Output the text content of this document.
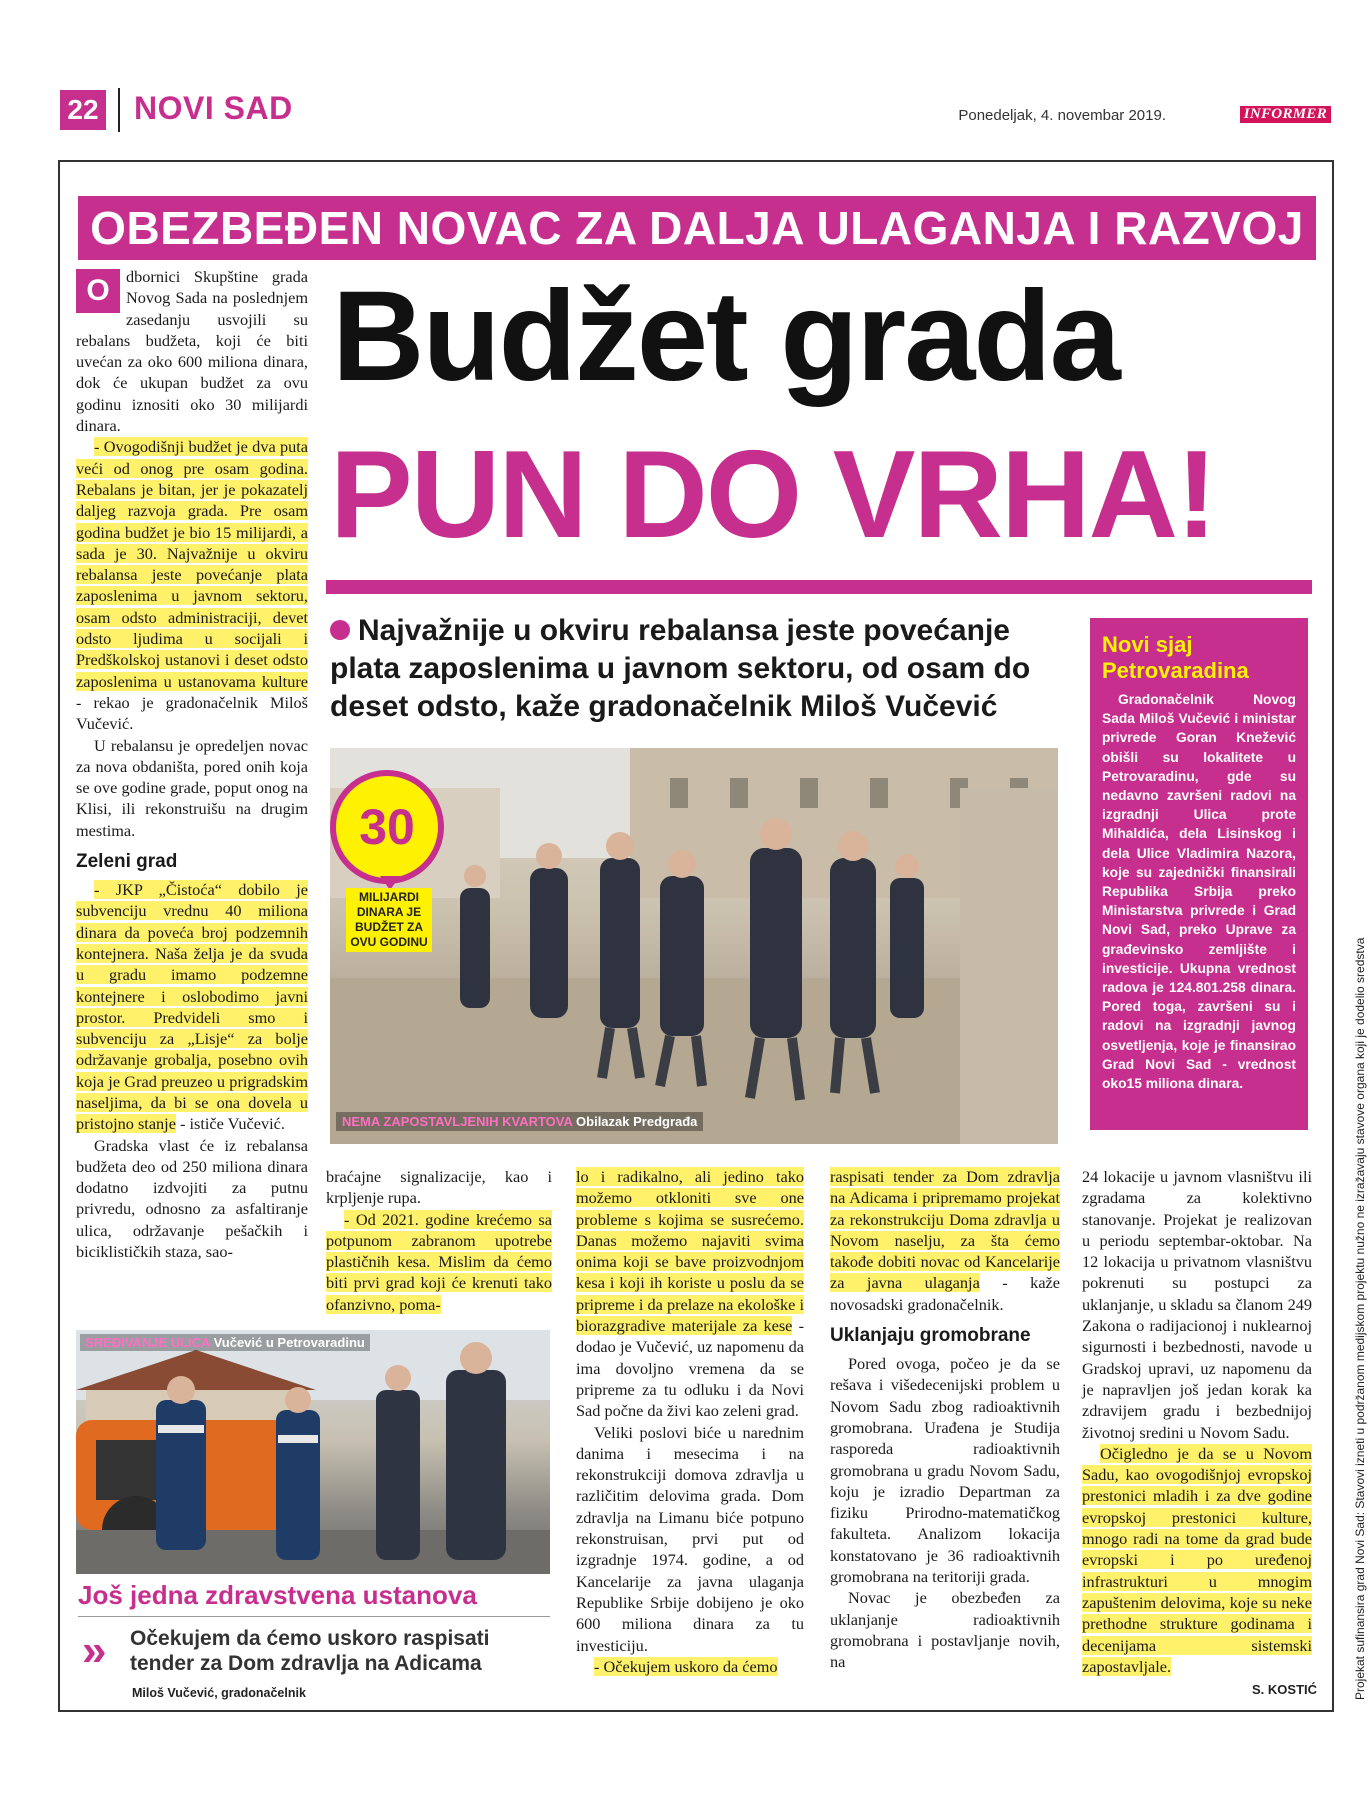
22 NOVI SAD	Ponedeljak, 4. novembar 2019.	INFORMER
OBEZBEĐEN NOVAC ZA DALJA ULAGANJA I RAZVOJ
Budžet grada
PUN DO VRHA!
O	dbornici Skupštine grada Novog Sada na poslednjem zasedanju usvojili su rebalans budžeta, koji će biti uvećan za oko 600 miliona dinara, dok će ukupan budžet za ovu godinu iznositi oko 30 milijardi dinara.

- Ovogodišnji budžet je dva puta veći od onog pre osam godina. Rebalans je bitan, jer je pokazatelj daljeg razvoja grada. Pre osam godina budžet je bio 15 milijardi, a sada je 30. Najvažnije u okviru rebalansa jeste povećanje plata zaposlenima u javnom sektoru, osam odsto administraciji, devet odsto ljudima u socijali i Predškolskoj ustanovi i deset odsto zaposlenima u ustanovama kulture - rekao je gradonačelnik Miloš Vučević.

U rebalansu je opredeljen novac za nova obdaništa, pored onih koja se ove godine grade, poput onog na Klisi, ili rekonstruišu na drugim mestima.

Zeleni grad

- JKP „Čistoća“ dobilo je subvenciju vrednu 40 miliona dinara da poveća broj podzemnih kontejnera. Naša želja je da svuda u gradu imamo podzemne kontejnere i oslobodimo javni prostor. Predvideli smo i subvenciju za „Lisje“ za bolje održavanje grobalja, posebno ovih koja je Grad preuzeo u prigradskim naseljima, da bi se ona dovela u pristojno stanje - ističe Vučević.

Gradska vlast će iz rebalansa budžeta deo od 250 miliona dinara dodatno izdvojiti za putnu privredu, odnosno za asfaltiranje ulica, održavanje pešačkih i biciklističkih staza, sao-

Najvažnije u okviru rebalansa jeste povećanje plata zaposlenima u javnom sektoru, od osam do deset odsto, kaže gradonačelnik Miloš Vučević
NEMA ZAPOSTAVLJENIH KVARTOVA Obilazak Predgrađa
30
MILIJARDI DINARA JE BUDŽET ZA OVU GODINU
Novi sjaj Petrovaradina

Gradonačelnik Novog Sada Miloš Vučević i ministar privrede Goran Knežević obišli su lokalitete u Petrovaradinu, gde su nedavno završeni radovi na izgradnji Ulica prote Mihaldića, dela Lisinskog i dela Ulice Vladimira Nazora, koje su zajednički finansirali Republika Srbija preko Ministarstva privrede i Grad Novi Sad, preko Uprave za građevinsko zemljište i investicije. Ukupna vrednost radova je 124.801.258 dinara. Pored toga, završeni su i radovi na izgradnji javnog osvetljenja, koje je finansirao Grad Novi Sad - vrednost oko15 miliona dinara.

braćajne signalizacije, kao i krpljenje rupa.

- Od 2021. godine krećemo sa potpunom zabranom upotrebe plastičnih kesa. Mislim da ćemo biti prvi grad koji će krenuti tako ofanzivno, poma-

SREĐIVANJE ULICA Vučević u Petrovaradinu
Još jedna zdravstvena ustanova
» Očekujem da ćemo uskoro raspisati tender za Dom zdravlja na Adicama
Miloš Vučević, gradonačelnik

lo i radikalno, ali jedino tako možemo otkloniti sve one probleme s kojima se susrećemo. Danas možemo najaviti svima onima koji se bave proizvodnjom kesa i koji ih koriste u poslu da se pripreme i da prelaze na ekološke i biorazgradive materijale za kese - dodao je Vučević, uz napomenu da ima dovoljno vremena da se pripreme za tu odluku i da Novi Sad počne da živi kao zeleni grad.

Veliki poslovi biće u narednim danima i mesecima i na rekonstrukciji domova zdravlja u različitim delovima grada. Dom zdravlja na Limanu biće potpuno rekonstruisan, prvi put od izgradnje 1974. godine, a od Kancelarije za javna ulaganja Republike Srbije dobijeno je oko 600 miliona dinara za tu investiciju.

- Očekujem uskoro da ćemo

raspisati tender za Dom zdravlja na Adicama i pripremamo projekat za rekonstrukciju Doma zdravlja u Novom naselju, za šta ćemo takođe dobiti novac od Kancelarije za javna ulaganja - kaže novosadski gradonačelnik.

Uklanjaju gromobrane

Pored ovoga, počeo je da se rešava i višedecenijski problem u Novom Sadu zbog radioaktivnih gromobrana. Urađena je Studija rasporeda radioaktivnih gromobrana u gradu Novom Sadu, koju je izradio Departman za fiziku Prirodno-matematičkog fakulteta. Analizom lokacija konstatovano je 36 radioaktivnih gromobrana na teritoriji grada.

Novac je obezbeđen za uklanjanje radioaktivnih gromobrana i postavljanje novih, na

24 lokacije u javnom vlasništvu ili zgradama za kolektivno stanovanje. Projekat je realizovan u periodu septembar-oktobar. Na 12 lokacija u privatnom vlasništvu pokrenuti su postupci za uklanjanje, u skladu sa članom 249 Zakona o radijacionoj i nuklearnoj sigurnosti i bezbednosti, navode u Gradskoj upravi, uz napomenu da je napravljen još jedan korak ka zdravijem gradu i bezbednijoj životnoj sredini u Novom Sadu.

Očigledno je da se u Novom Sadu, kao ovogodišnjoj evropskoj prestonici mladih i za dve godine evropskoj prestonici kulture, mnogo radi na tome da grad bude evropski i po uređenoj infrastrukturi u mnogim zapuštenim delovima, koje su neke prethodne strukture godinama i decenijama sistemski zapostavljale.

S. KOSTIĆ	Projekat sufinansira grad Novi Sad: Stavovi izneti u podržanom medijskom projektu nužno ne izražavaju stavove organa koji je dodelio sredstva
